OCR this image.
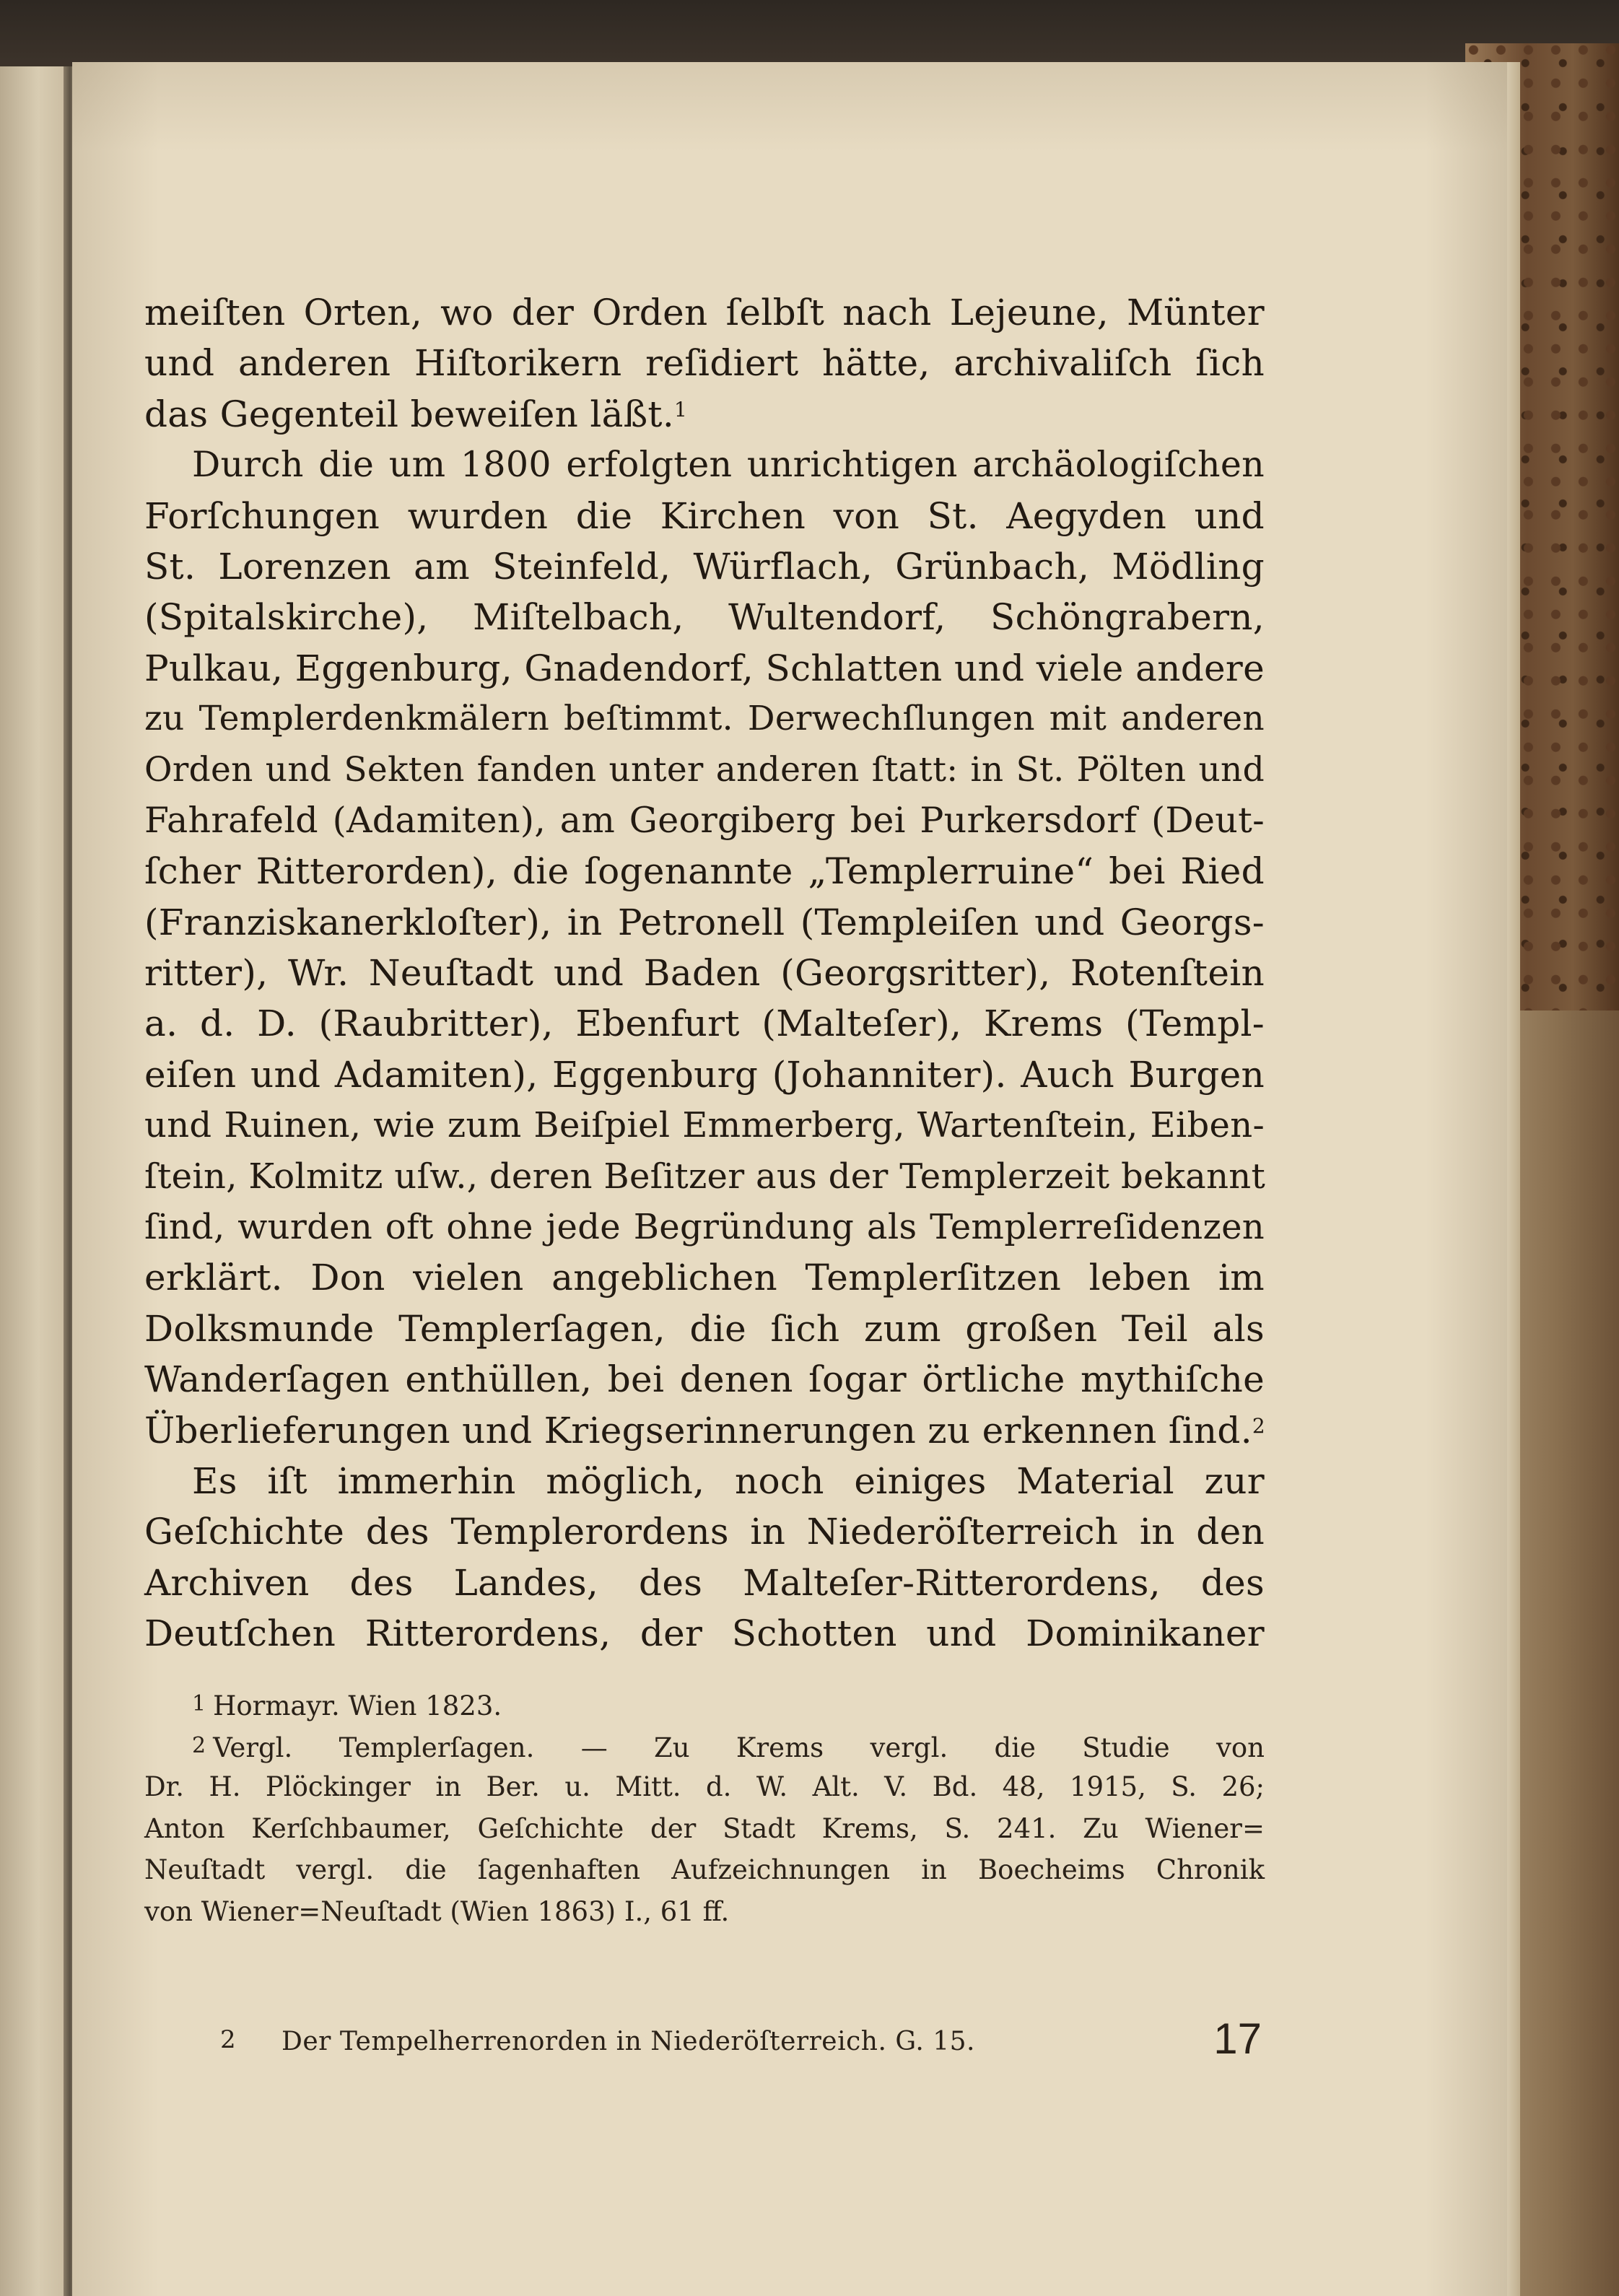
meiſten Orten, wo der Orden ſelbſt nach Lejeune, Münter
und anderen Hiſtorikern reſidiert hätte, archivaliſch ſich
das Gegenteil beweiſen läßt.$^1$
Durch die um 1800 erfolgten unrichtigen archäologiſchen
Forſchungen wurden die Kirchen von St. Aegyden und
St. Lorenzen am Steinfeld, Würflach, Grünbach, Mödling
(Spitalskirche), Miſtelbach, Wultendorf, Schöngrabern,
Pulkau, Eggenburg, Gnadendorf, Schlatten und viele andere
zu Templerdenkmälern beſtimmt. Derwechſlungen mit anderen
Orden und Sekten fanden unter anderen ſtatt: in St. Pölten und
Fahrafeld (Adamiten), am Georgiberg bei Purkersdorf (Deut-
ſcher Ritterorden), die ſogenannte „Templerruine“ bei Ried
(Franziskanerkloſter), in Petronell (Templeiſen und Georgs-
ritter), Wr. Neuſtadt und Baden (Georgsritter), Rotenſtein
a. d. D. (Raubritter), Ebenfurt (Malteſer), Krems (Templ-
eiſen und Adamiten), Eggenburg (Johanniter). Auch Burgen
und Ruinen, wie zum Beiſpiel Emmerberg, Wartenſtein, Eiben-
ſtein, Kolmitz uſw., deren Beſitzer aus der Templerzeit bekannt
ſind, wurden oft ohne jede Begründung als Templerreſidenzen
erklärt. Don vielen angeblichen Templerſitzen leben im
Dolksmunde Templerſagen, die ſich zum großen Teil als
Wanderſagen enthüllen, bei denen ſogar örtliche mythiſche
Überlieferungen und Kriegserinnerungen zu erkennen ſind.$^2$
Es iſt immerhin möglich, noch einiges Material zur
Geſchichte des Templerordens in Niederöſterreich in den
Archiven des Landes, des Malteſer-Ritterordens, des
Deutſchen Ritterordens, der Schotten und Dominikaner
1 Hormayr. Wien 1823.
2 Vergl. Templerſagen. — Zu Krems vergl. die Studie von
Dr. H. Plöckinger in Ber. u. Mitt. d. W. Alt. V. Bd. 48, 1915, S. 26;
Anton Kerſchbaumer, Geſchichte der Stadt Krems, S. 241. Zu Wiener=
Neuſtadt vergl. die ſagenhaften Aufzeichnungen in Boecheims Chronik
von Wiener=Neuſtadt (Wien 1863) I., 61 ff.
2 Der Tempelherrenorden in Niederöſterreich. G. 15.	17
